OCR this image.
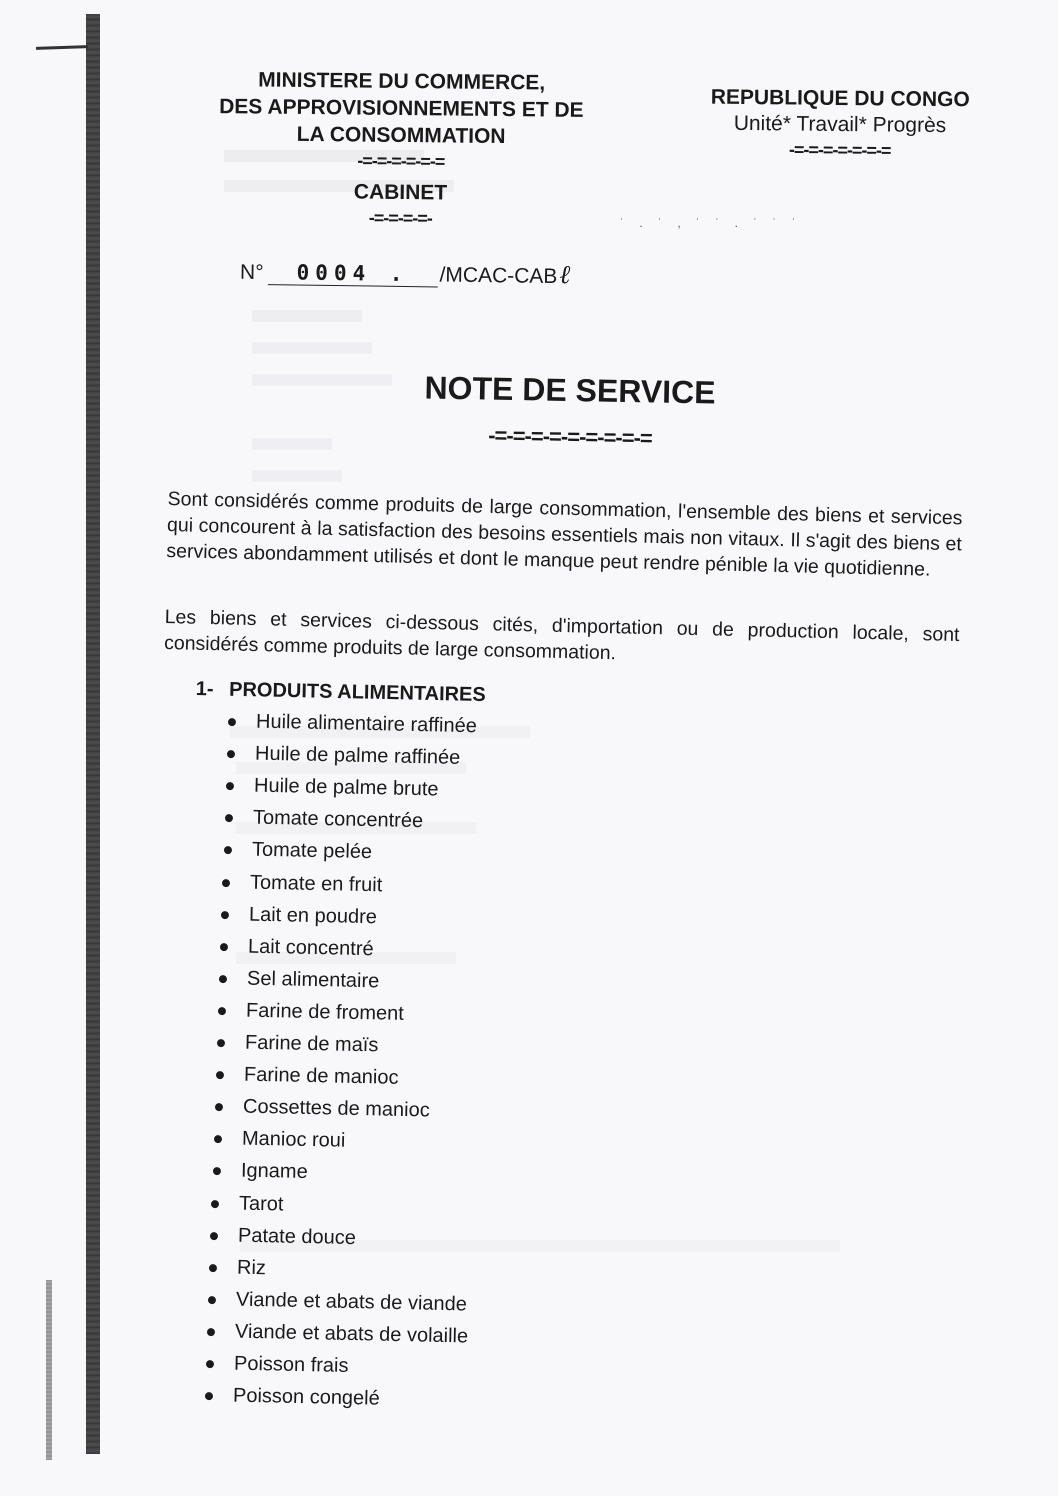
˙ . ˙ , ˙ ˙ . ˙ ˙ ˙
MINISTERE DU COMMERCE,
DES APPROVISIONNEMENTS ET DE
LA CONSOMMATION
-=-=-=-=-=-=
CABINET
-=-=-=-=-
REPUBLIQUE DU CONGO
Unité* Travail* Progrès
-=-=-=-=-=-=-=
N°	0004 .	/MCAC-CAB ℓ
NOTE DE SERVICE
-=-=-=-=-=-=-=-=-=
Sont considérés comme produits de large consommation, l'ensemble des biens et services qui concourent à la satisfaction des besoins essentiels mais non vitaux. Il s'agit des biens et services abondamment utilisés et dont le manque peut rendre pénible la vie quotidienne.
Les biens et services ci-dessous cités, d'importation ou de production locale, sont considérés comme produits de large consommation.
1- PRODUITS ALIMENTAIRES
Huile alimentaire raffinée
Huile de palme raffinée
Huile de palme brute
Tomate concentrée
Tomate pelée
Tomate en fruit
Lait en poudre
Lait concentré
Sel alimentaire
Farine de froment
Farine de maïs
Farine de manioc
Cossettes de manioc
Manioc roui
Igname
Tarot
Patate douce
Riz
Viande et abats de viande
Viande et abats de volaille
Poisson frais
Poisson congelé
